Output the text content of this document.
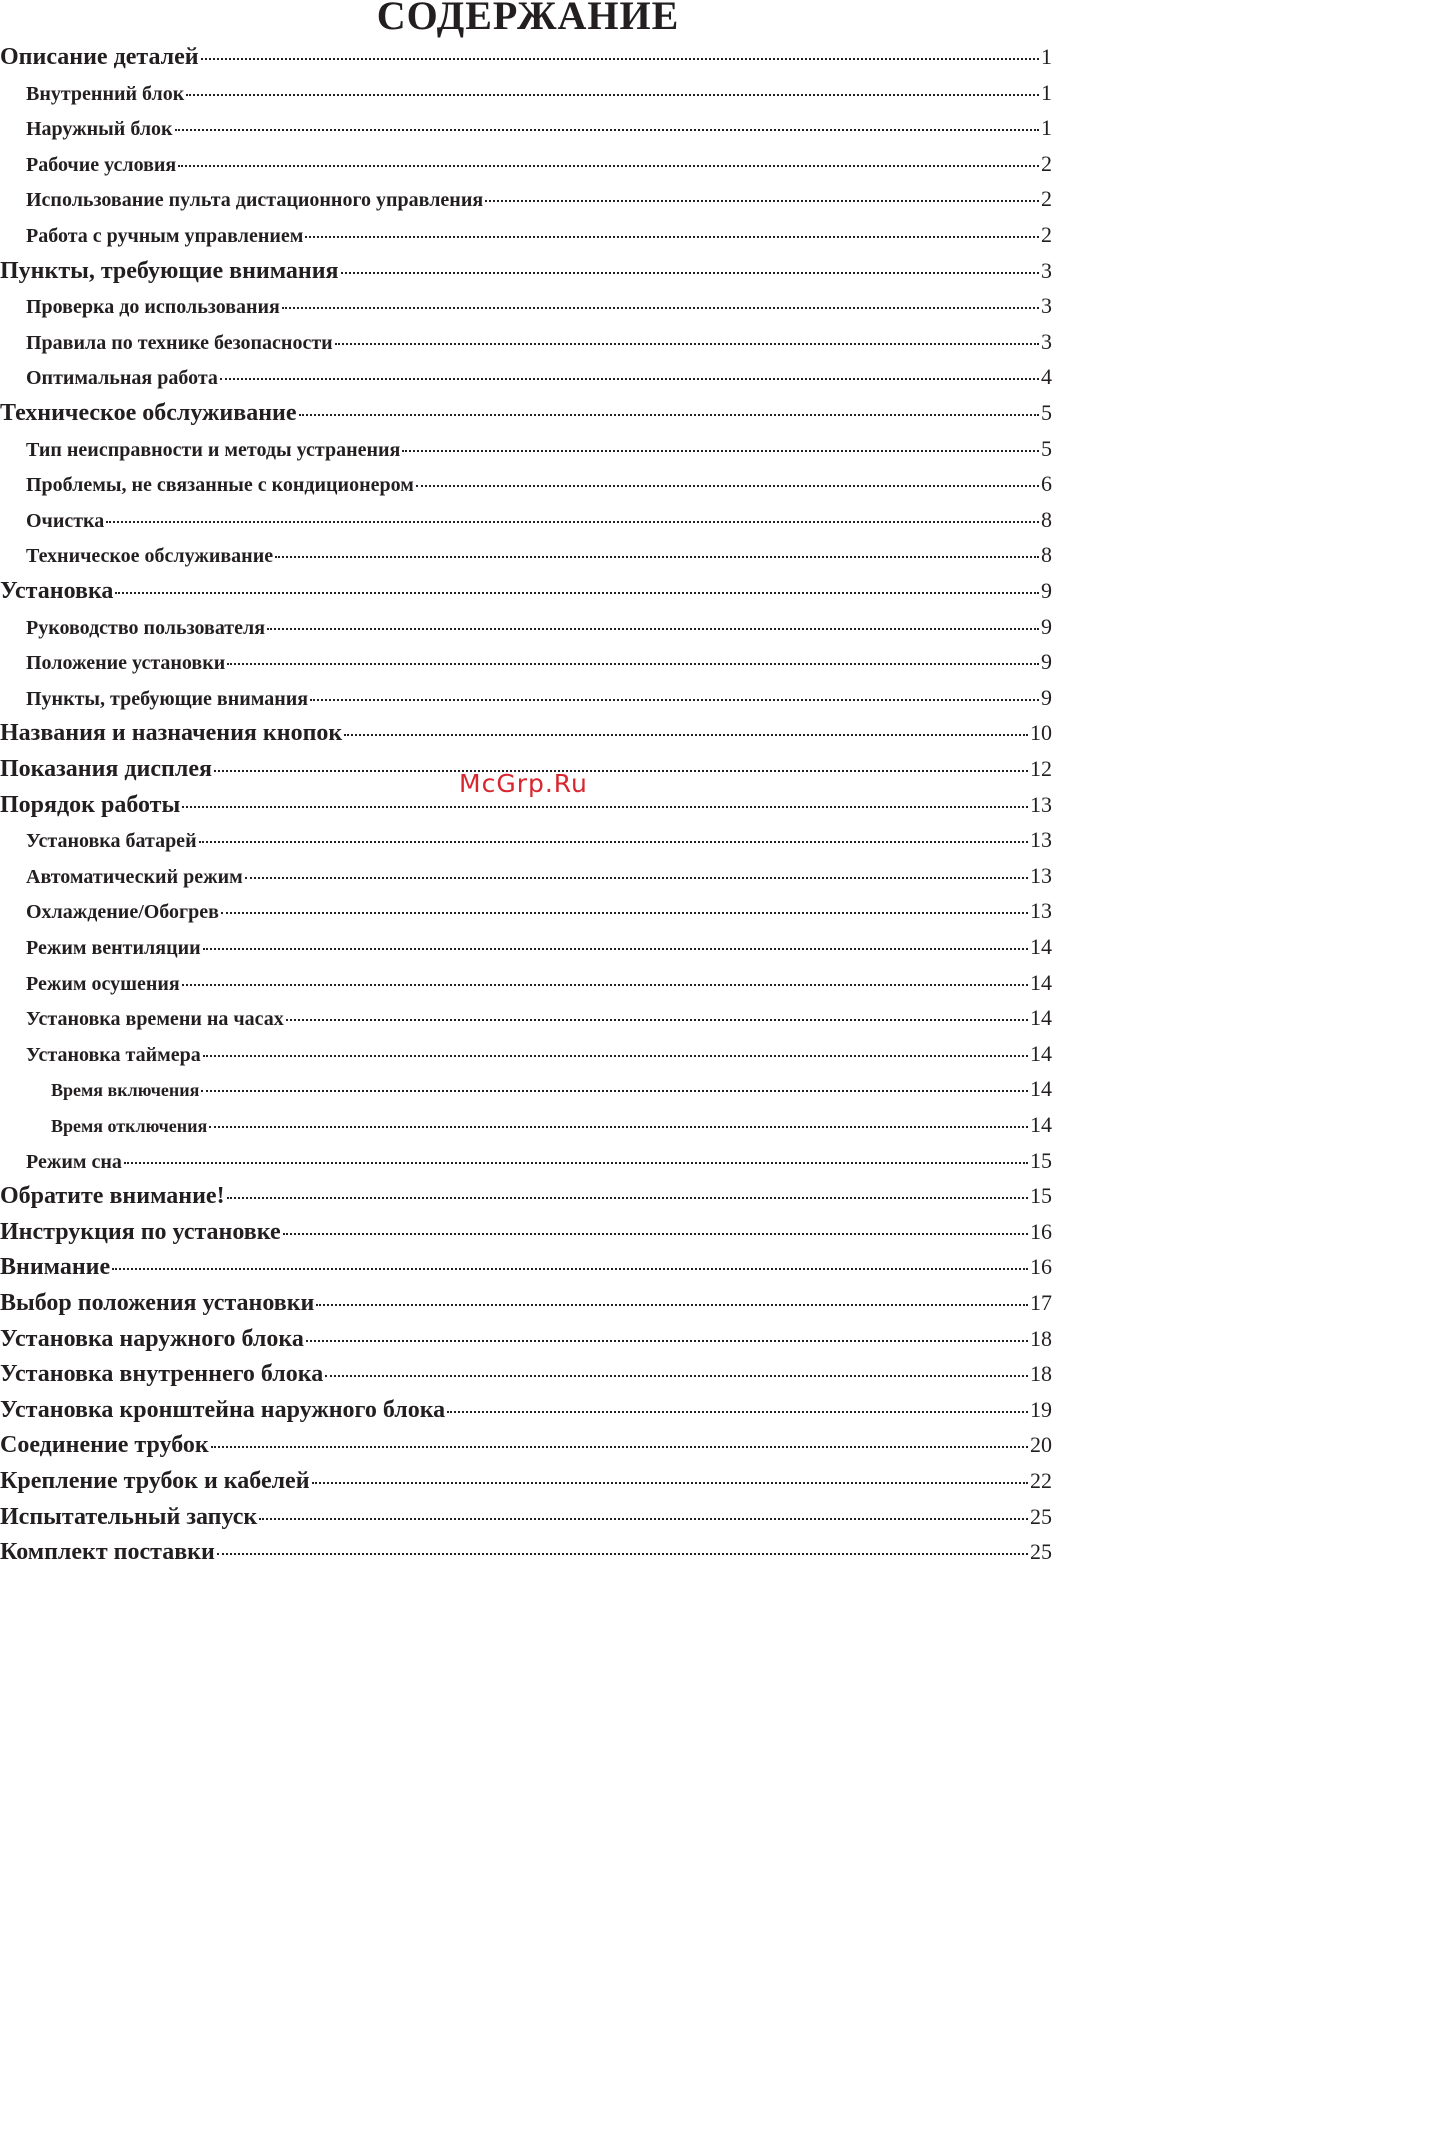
СОДЕРЖАНИЕ
Описание деталей	1
Внутренний блок	1
Наружный блок	1
Рабочие условия	2
Использование пульта дистационного управления	2
Работа с ручным управлением	2
Пункты, требующие внимания	3
Проверка до использования	3
Правила по технике безопасности	3
Оптимальная работа	4
Техническое обслуживание	5
Тип неисправности и методы устранения	5
Проблемы, не связанные с кондиционером	6
Очистка	8
Техническое обслуживание	8
Установка	9
Руководство пользователя	9
Положение установки	9
Пункты, требующие внимания	9
Названия и назначения кнопок	10
Показания дисплея	12
Порядок работы	13
Установка батарей	13
Автоматический режим	13
Охлаждение/Обогрев	13
Режим вентиляции	14
Режим осушения	14
Установка времени на часах	14
Установка таймера	14
Время включения	14
Время отключения	14
Режим сна	15
Обратите внимание!	15
Инструкция по установке	16
Внимание	16
Выбор положения установки	17
Установка наружного блока	18
Установка внутреннего блока	18
Установка кронштейна наружного блока	19
Соединение трубок	20
Крепление трубок и кабелей	22
Испытательный запуск	25
Комплект поставки	25
McGrp.Ru
